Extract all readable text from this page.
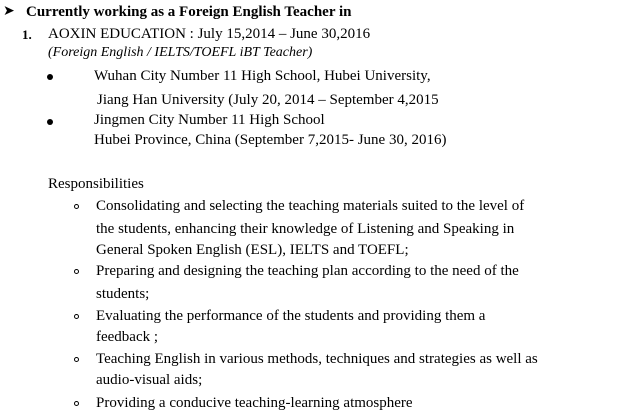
➤ Currently working as a Foreign English Teacher in
1. AOXIN EDUCATION : July 15,2014 – June 30,2016
(Foreign English / IELTS/TOEFL iBT Teacher)
Wuhan City Number 11 High School, Hubei University,
Jiang Han University (July 20, 2014 – September 4,2015
Jingmen City Number 11 High School
Hubei Province, China (September 7,2015- June 30, 2016)
Responsibilities
Consolidating and selecting the teaching materials suited to the level of
the students, enhancing their knowledge of Listening and Speaking in
General Spoken English (ESL), IELTS and TOEFL;
Preparing and designing the teaching plan according to the need of the
students;
Evaluating the performance of the students and providing them a
feedback ;
Teaching English in various methods, techniques and strategies as well as
audio-visual aids;
Providing a conducive teaching-learning atmosphere
